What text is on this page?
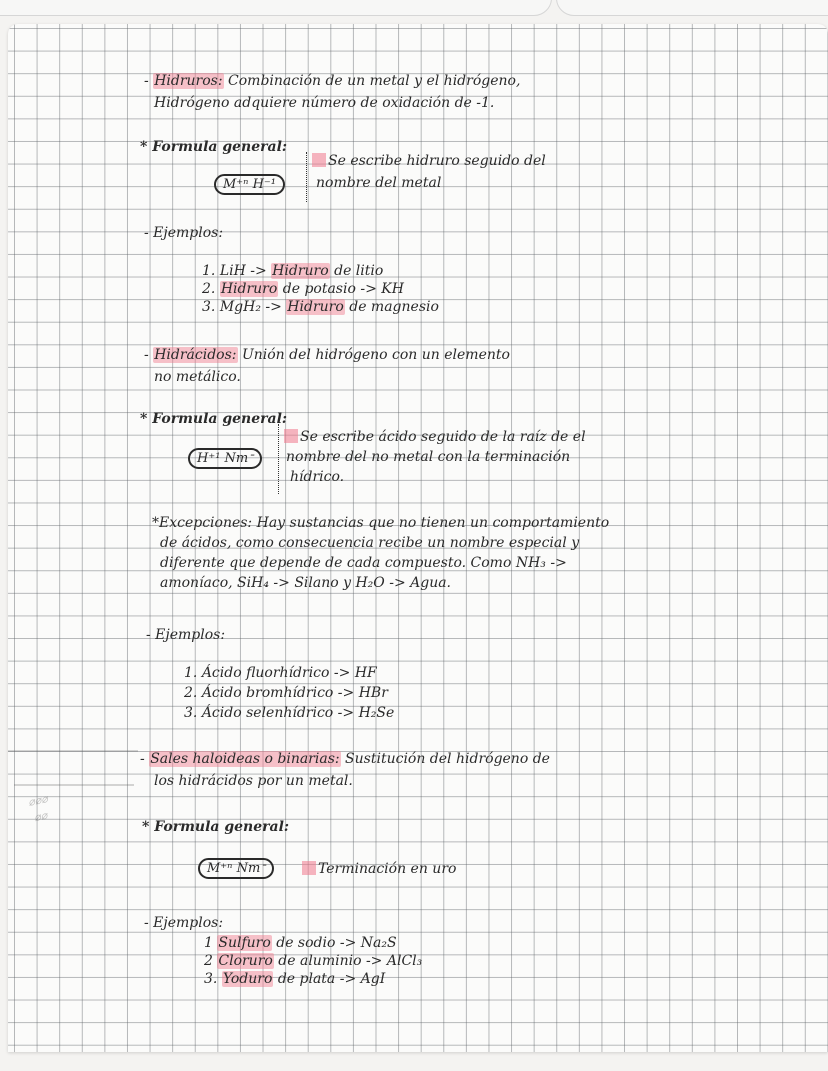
- Hidruros: Combinación de un metal y el hidrógeno,
Hidrógeno adquiere número de oxidación de -1.
* Formula general:
M⁺ⁿ H⁻¹
Se escribe hidruro seguido del
nombre del metal
- Ejemplos:
1. LiH -> Hidruro de litio
2. Hidruro de potasio -> KH
3. MgH₂ -> Hidruro de magnesio
- Hidrácidos: Unión del hidrógeno con un elemento
no metálico.
* Formula general:
H⁺¹ Nmᐨ
Se escribe ácido seguido de la raíz de el
nombre del no metal con la terminación
hídrico.
*Excepciones: Hay sustancias que no tienen un comportamiento
de ácidos, como consecuencia recibe un nombre especial y
diferente que depende de cada compuesto. Como NH₃ ->
amoníaco, SiH₄ -> Silano y H₂O -> Agua.
- Ejemplos:
1. Ácido fluorhídrico -> HF
2. Ácido bromhídrico -> HBr
3. Ácido selenhídrico -> H₂Se
- Sales haloideas o binarias: Sustitución del hidrógeno de
los hidrácidos por un metal.
* Formula general:
M⁺ⁿ Nmᐨ	Terminación en uro
- Ejemplos:
1 Sulfuro de sodio -> Na₂S
2 Cloruro de aluminio -> AlCl₃
3. Yoduro de plata -> AgI
⌀⌀⌀
⌀⌀
